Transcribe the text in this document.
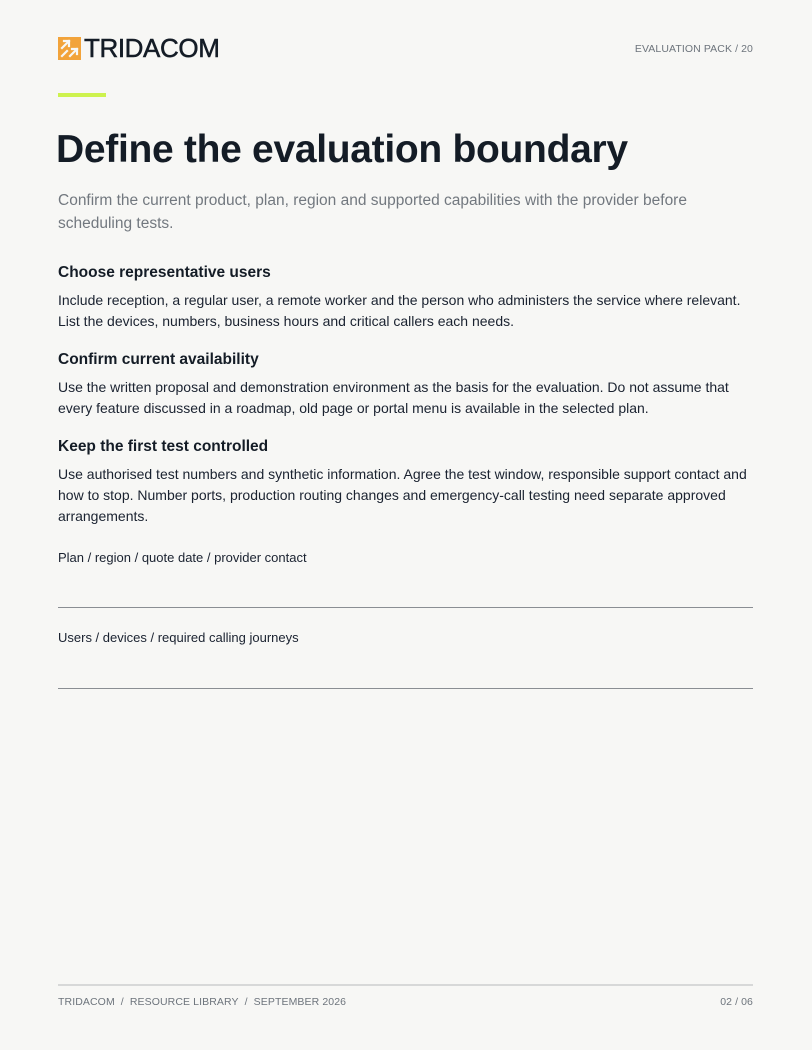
TRIDACOM	EVALUATION PACK / 20
Define the evaluation boundary

Confirm the current product, plan, region and supported capabilities with the provider before scheduling tests.

Choose representative users

Include reception, a regular user, a remote worker and the person who administers the service where relevant. List the devices, numbers, business hours and critical callers each needs.

Confirm current availability

Use the written proposal and demonstration environment as the basis for the evaluation. Do not assume that every feature discussed in a roadmap, old page or portal menu is available in the selected plan.

Keep the first test controlled

Use authorised test numbers and synthetic information. Agree the test window, responsible support contact and how to stop. Number ports, production routing changes and emergency-call testing need separate approved arrangements.

Plan / region / quote date / provider contact
Users / devices / required calling journeys
TRIDACOM / RESOURCE LIBRARY / SEPTEMBER 2026	02 / 06
